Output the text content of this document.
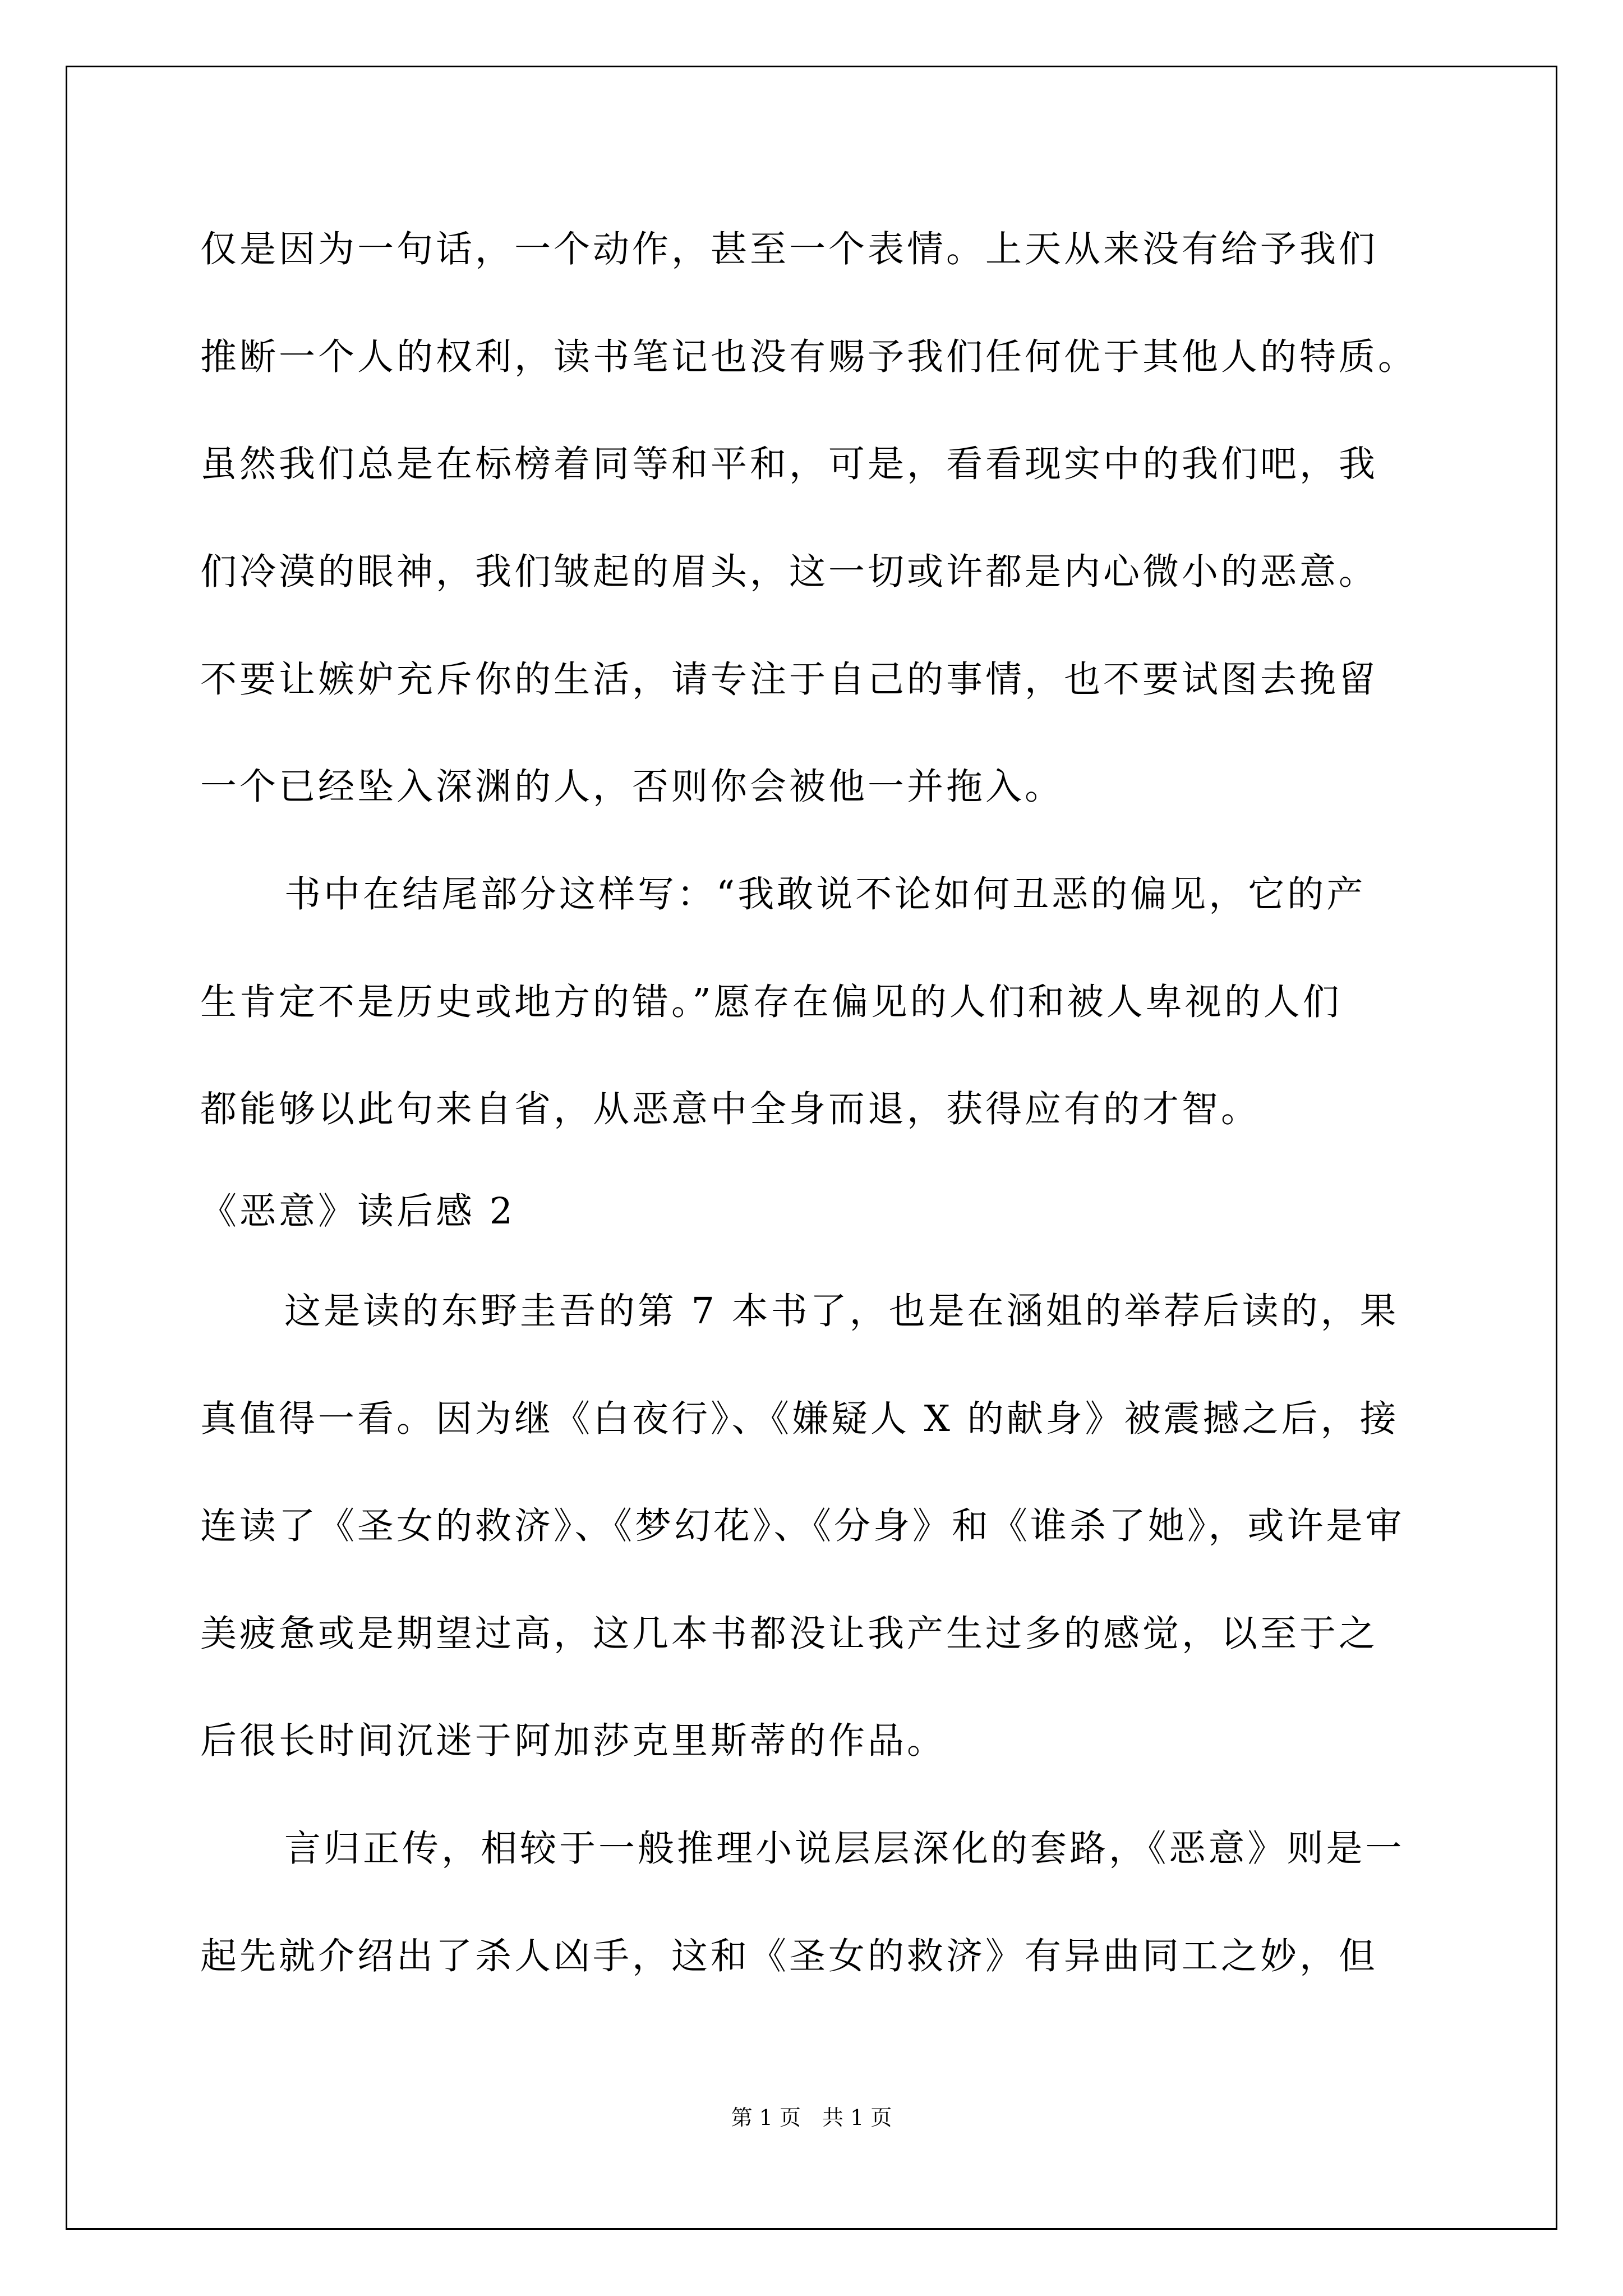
仅是因为一句话，一个动作，甚至一个表情。上天从来没有给予我们
推断一个人的权利，读书笔记也没有赐予我们任何优于其他人的特质。
虽然我们总是在标榜着同等和平和，可是，看看现实中的我们吧，我
们冷漠的眼神，我们皱起的眉头，这一切或许都是内心微小的恶意。
不要让嫉妒充斥你的生活，请专注于自己的事情，也不要试图去挽留
一个已经坠入深渊的人，否则你会被他一并拖入。
书中在结尾部分这样写：“我敢说不论如何丑恶的偏见，它的产
生肯定不是历史或地方的错。”愿存在偏见的人们和被人卑视的人们
都能够以此句来自省，从恶意中全身而退，获得应有的才智。
《恶意》读后感 2
这是读的东野圭吾的第 7 本书了，也是在涵姐的举荐后读的，果
真值得一看。因为继《白夜行》、《嫌疑人 X 的献身》被震撼之后，接
连读了《圣女的救济》、《梦幻花》、《分身》和《谁杀了她》，或许是审
美疲惫或是期望过高，这几本书都没让我产生过多的感觉，以至于之
后很长时间沉迷于阿加莎克里斯蒂的作品。
言归正传，相较于一般推理小说层层深化的套路，《恶意》则是一
起先就介绍出了杀人凶手，这和《圣女的救济》有异曲同工之妙，但
第 1 页　共 1 页
